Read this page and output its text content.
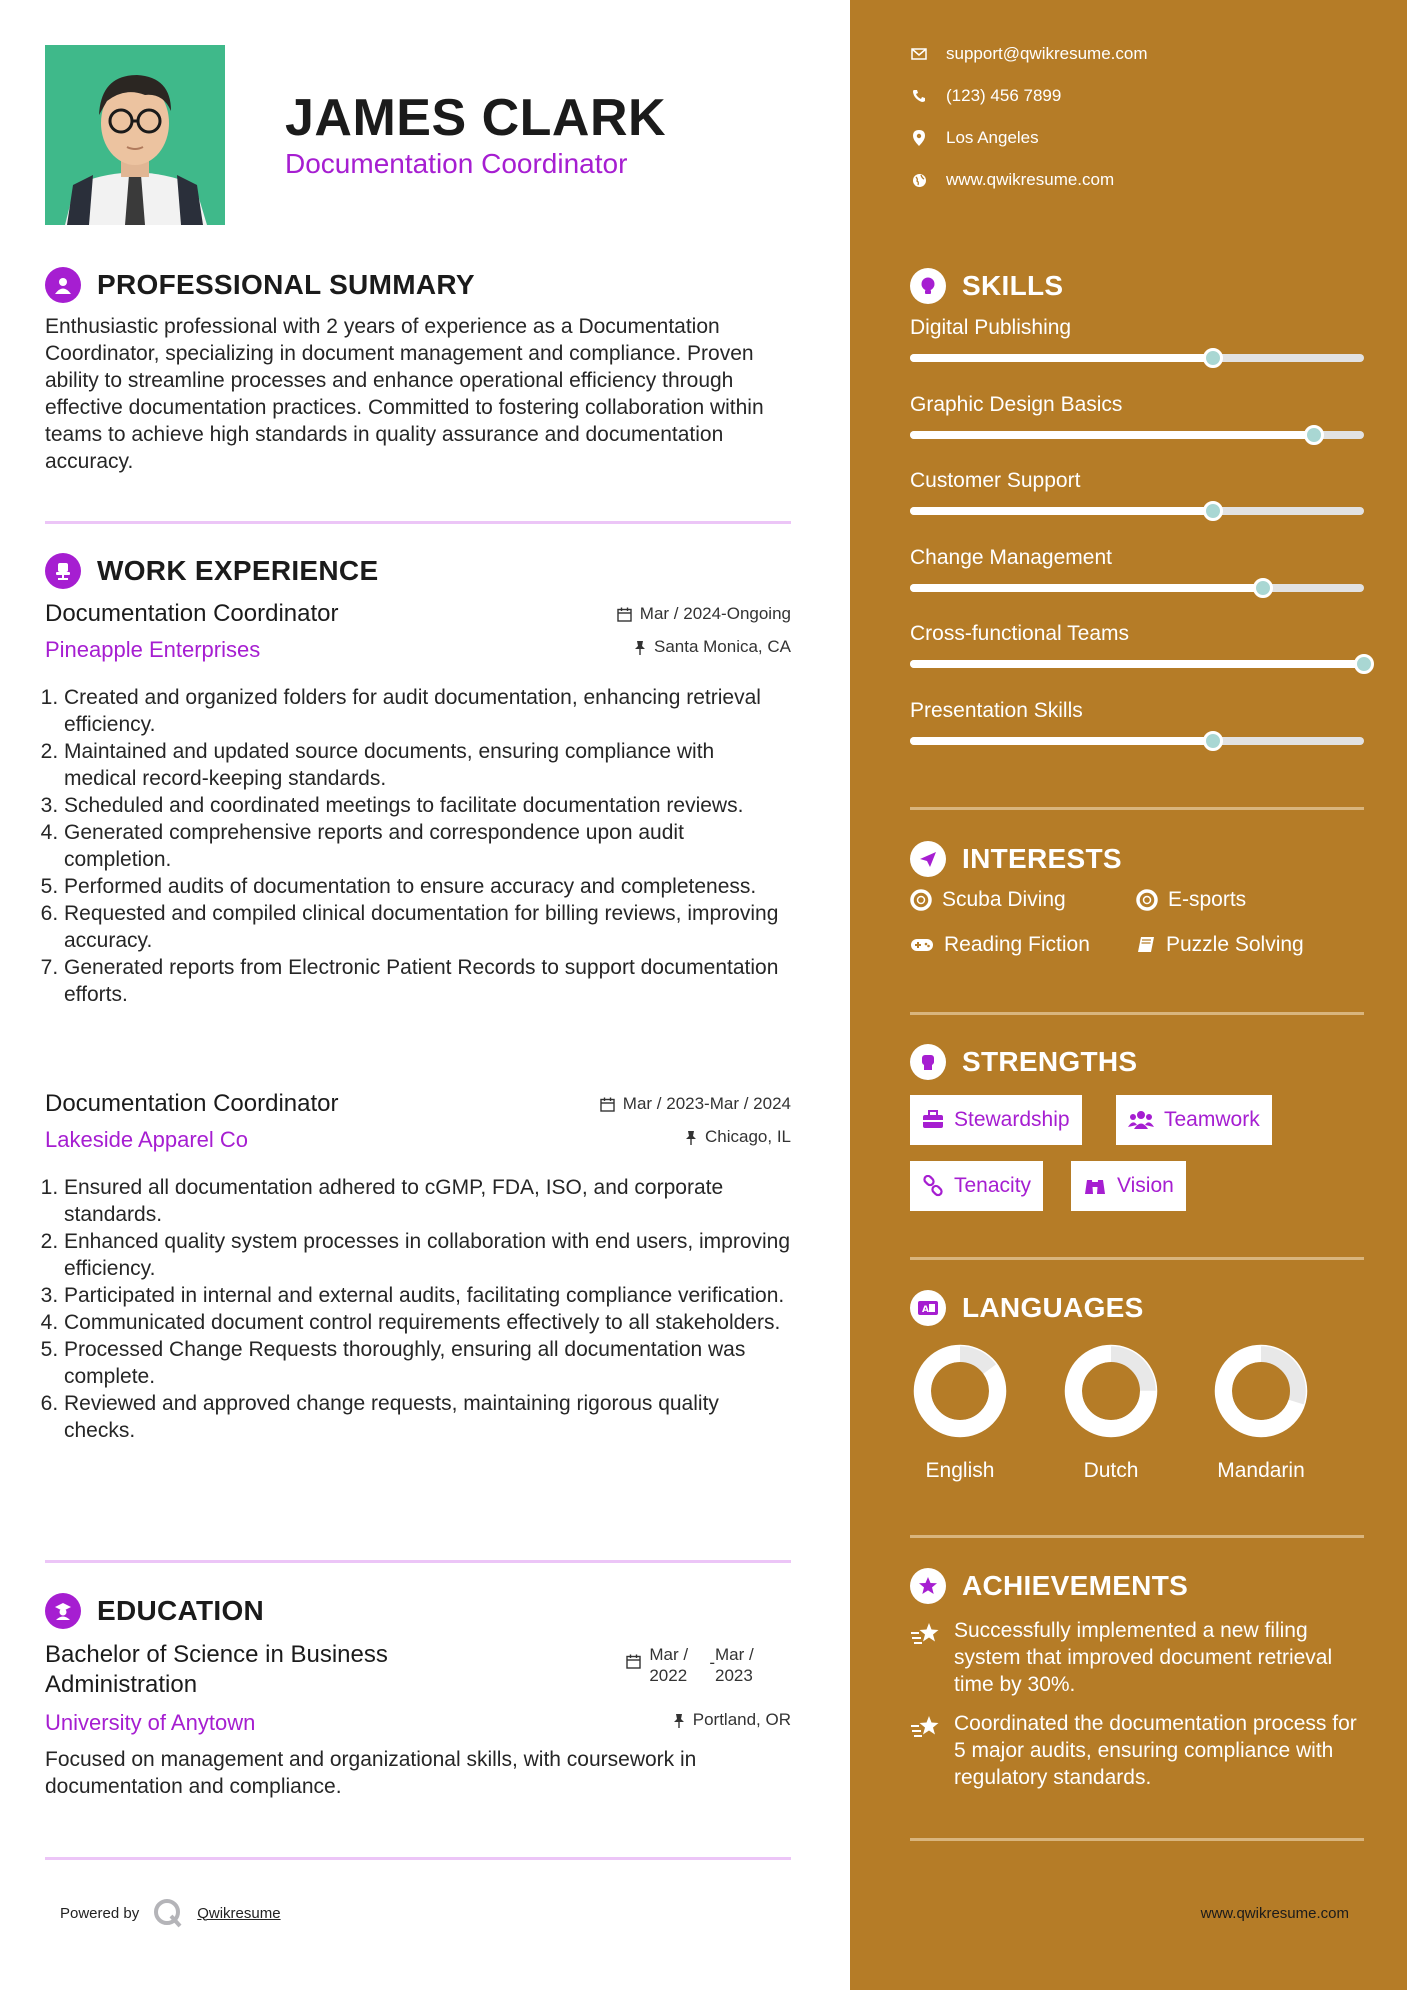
JAMES CLARK
Documentation Coordinator
PROFESSIONAL SUMMARY

Enthusiastic professional with 2 years of experience as a Documentation Coordinator, specializing in document management and compliance. Proven ability to streamline processes and enhance operational efficiency through effective documentation practices. Committed to fostering collaboration within teams to achieve high standards in quality assurance and documentation accuracy.

WORK EXPERIENCE
Documentation Coordinator
Pineapple Enterprises
Mar / 2024-Ongoing
Santa Monica, CA
1. Created and organized folders for audit documentation, enhancing retrieval efficiency.
2. Maintained and updated source documents, ensuring compliance with medical record-keeping standards.
3. Scheduled and coordinated meetings to facilitate documentation reviews.
4. Generated comprehensive reports and correspondence upon audit completion.
5. Performed audits of documentation to ensure accuracy and completeness.
6. Requested and compiled clinical documentation for billing reviews, improving accuracy.
7. Generated reports from Electronic Patient Records to support documentation efforts.
Documentation Coordinator
Lakeside Apparel Co
Mar / 2023-Mar / 2024
Chicago, IL
1. Ensured all documentation adhered to cGMP, FDA, ISO, and corporate standards.
2. Enhanced quality system processes in collaboration with end users, improving efficiency.
3. Participated in internal and external audits, facilitating compliance verification.
4. Communicated document control requirements effectively to all stakeholders.
5. Processed Change Requests thoroughly, ensuring all documentation was complete.
6. Reviewed and approved change requests, maintaining rigorous quality checks.
EDUCATION
Bachelor of Science in Business Administration
Mar / 2022
- Mar / 2023
University of Anytown	Portland, OR

Focused on management and organizational skills, with coursework in documentation and compliance.

Powered by	Qwikresume
support@qwikresume.com
(123) 456 7899
Los Angeles
www.qwikresume.com
SKILLS
Digital Publishing
Graphic Design Basics
Customer Support
Change Management
Cross-functional Teams
Presentation Skills
INTERESTS
Scuba Diving	E-sports
Reading Fiction	Puzzle Solving
STRENGTHS
Stewardship	Teamwork
Tenacity	Vision
A LANGUAGES
English	Dutch	Mandarin
ACHIEVEMENTS
Successfully implemented a new filing system that improved document retrieval time by 30%.
Coordinated the documentation process for 5 major audits, ensuring compliance with regulatory standards.
www.qwikresume.com
